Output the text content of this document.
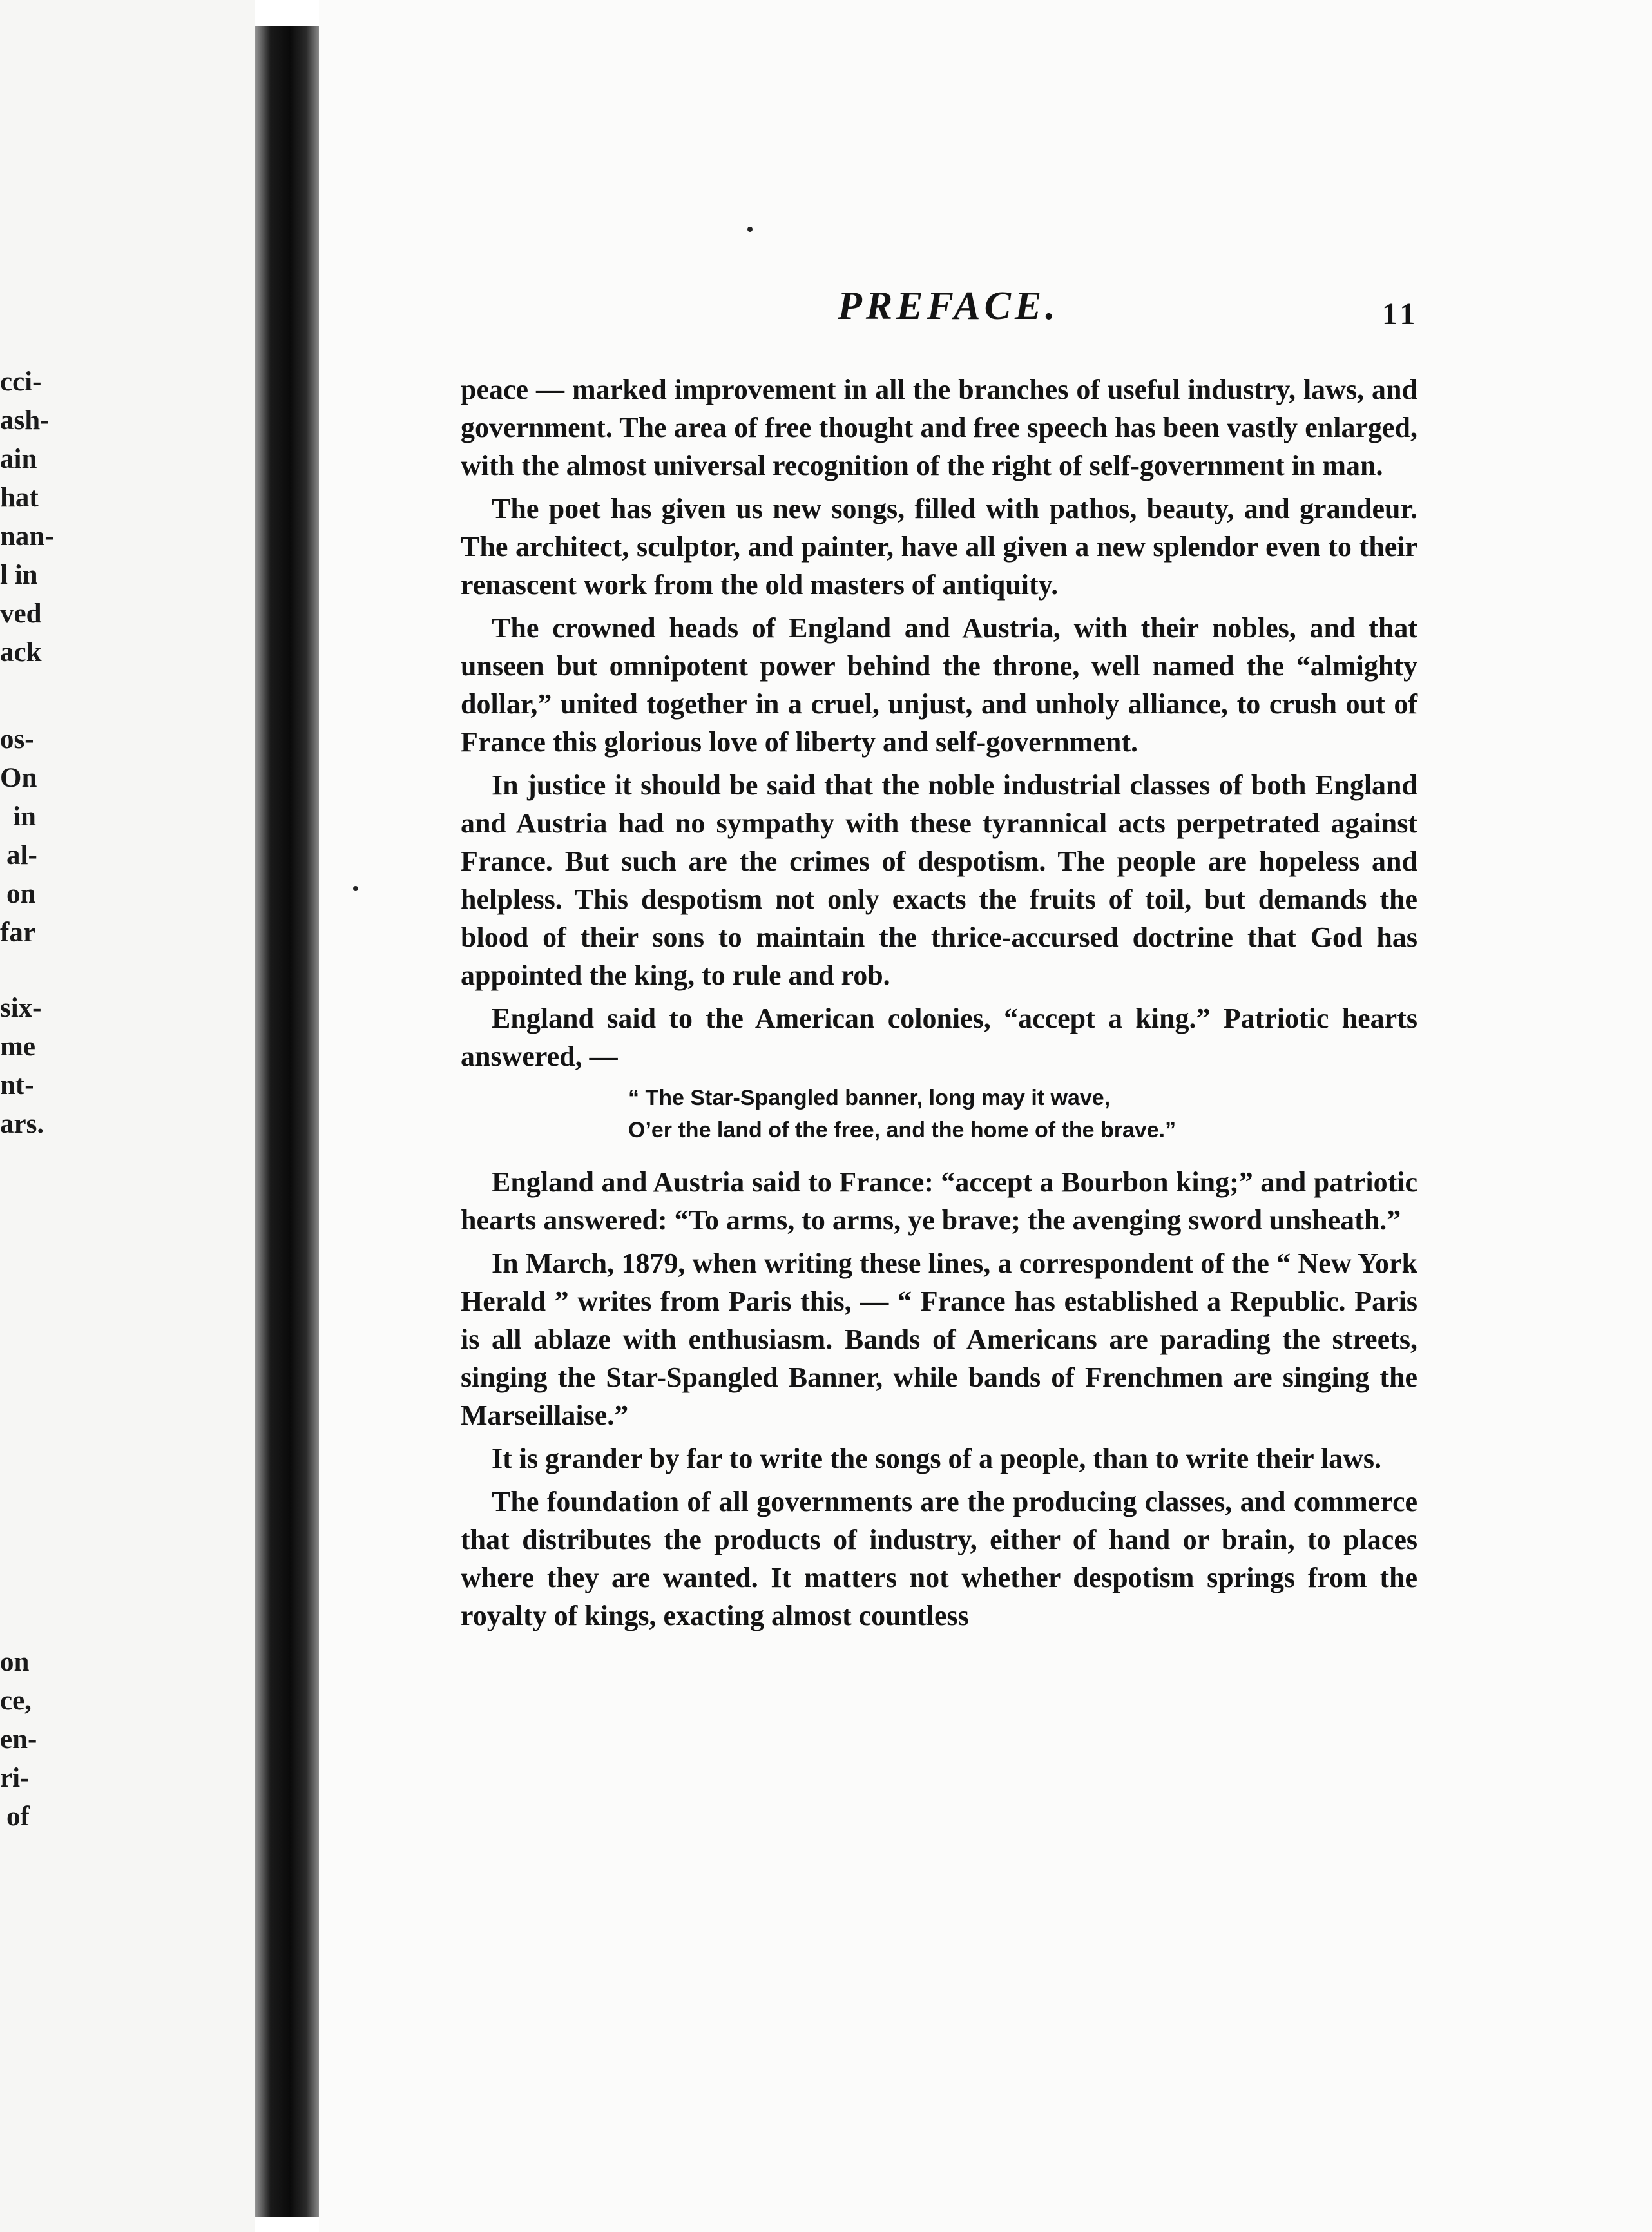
cci-
ash-
ain
hat
nan-
l in
ved
ack
os-
On
in
al-
on
far
six-
me
nt-
ars.
on
ce,
en-
ri-
of
PREFACE.	11

peace — marked improvement in all the branches of useful industry, laws, and government. The area of free thought and free speech has been vastly enlarged, with the almost universal recognition of the right of self-government in man.

The poet has given us new songs, filled with pathos, beauty, and grandeur. The architect, sculptor, and painter, have all given a new splendor even to their renascent work from the old masters of antiquity.

The crowned heads of England and Austria, with their nobles, and that unseen but omnipotent power behind the throne, well named the “almighty dollar,” united together in a cruel, unjust, and unholy alliance, to crush out of France this glorious love of liberty and self-government.

In justice it should be said that the noble industrial classes of both England and Austria had no sympathy with these tyrannical acts perpetrated against France. But such are the crimes of despotism. The people are hopeless and helpless. This despotism not only exacts the fruits of toil, but demands the blood of their sons to maintain the thrice-accursed doctrine that God has appointed the king, to rule and rob.

England said to the American colonies, “accept a king.” Patriotic hearts answered, —

“ The Star-Spangled banner, long may it wave,
O’er the land of the free, and the home of the brave.”

England and Austria said to France: “accept a Bourbon king;” and patriotic hearts answered: “To arms, to arms, ye brave; the avenging sword unsheath.”

In March, 1879, when writing these lines, a correspondent of the “ New York Herald ” writes from Paris this, — “ France has established a Republic. Paris is all ablaze with enthusiasm. Bands of Americans are parading the streets, singing the Star-Spangled Banner, while bands of Frenchmen are singing the Marseillaise.”

It is grander by far to write the songs of a people, than to write their laws.

The foundation of all governments are the producing classes, and commerce that distributes the products of industry, either of hand or brain, to places where they are wanted. It matters not whether despotism springs from the royalty of kings, exacting almost countless
